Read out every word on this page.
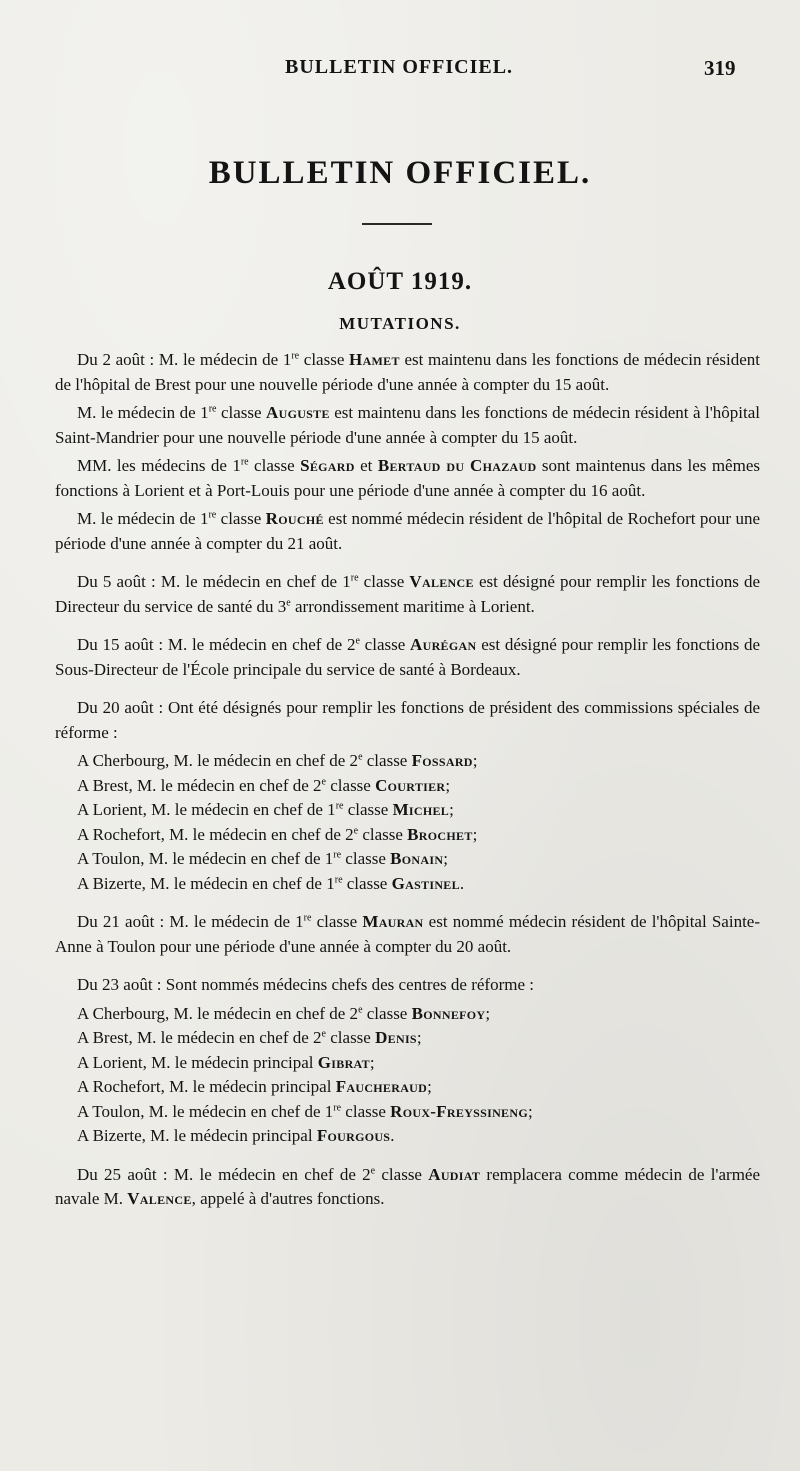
BULLETIN OFFICIEL.	319
BULLETIN OFFICIEL.
AOÛT 1919.
MUTATIONS.

Du 2 août : M. le médecin de 1re classe Hamet est maintenu dans les fonctions de médecin résident de l'hôpital de Brest pour une nouvelle période d'une année à compter du 15 août.

M. le médecin de 1re classe Auguste est maintenu dans les fonctions de médecin résident à l'hôpital Saint-Mandrier pour une nouvelle période d'une année à compter du 15 août.

MM. les médecins de 1re classe Ségard et Bertaud du Chazaud sont maintenus dans les mêmes fonctions à Lorient et à Port-Louis pour une période d'une année à compter du 16 août.

M. le médecin de 1re classe Rouché est nommé médecin résident de l'hôpital de Rochefort pour une période d'une année à compter du 21 août.

Du 5 août : M. le médecin en chef de 1re classe Valence est désigné pour remplir les fonctions de Directeur du service de santé du 3e arrondissement maritime à Lorient.

Du 15 août : M. le médecin en chef de 2e classe Aurégan est désigné pour remplir les fonctions de Sous-Directeur de l'École principale du service de santé à Bordeaux.

Du 20 août : Ont été désignés pour remplir les fonctions de président des commissions spéciales de réforme :

A Cherbourg, M. le médecin en chef de 2e classe Fossard;
A Brest, M. le médecin en chef de 2e classe Courtier;
A Lorient, M. le médecin en chef de 1re classe Michel;
A Rochefort, M. le médecin en chef de 2e classe Brochet;
A Toulon, M. le médecin en chef de 1re classe Bonain;
A Bizerte, M. le médecin en chef de 1re classe Gastinel.

Du 21 août : M. le médecin de 1re classe Mauran est nommé médecin résident de l'hôpital Sainte-Anne à Toulon pour une période d'une année à compter du 20 août.

Du 23 août : Sont nommés médecins chefs des centres de réforme :

A Cherbourg, M. le médecin en chef de 2e classe Bonnefoy;
A Brest, M. le médecin en chef de 2e classe Denis;
A Lorient, M. le médecin principal Gibrat;
A Rochefort, M. le médecin principal Faucheraud;
A Toulon, M. le médecin en chef de 1re classe Roux-Freyssineng;
A Bizerte, M. le médecin principal Fourgous.

Du 25 août : M. le médecin en chef de 2e classe Audiat remplacera comme médecin de l'armée navale M. Valence, appelé à d'autres fonctions.
